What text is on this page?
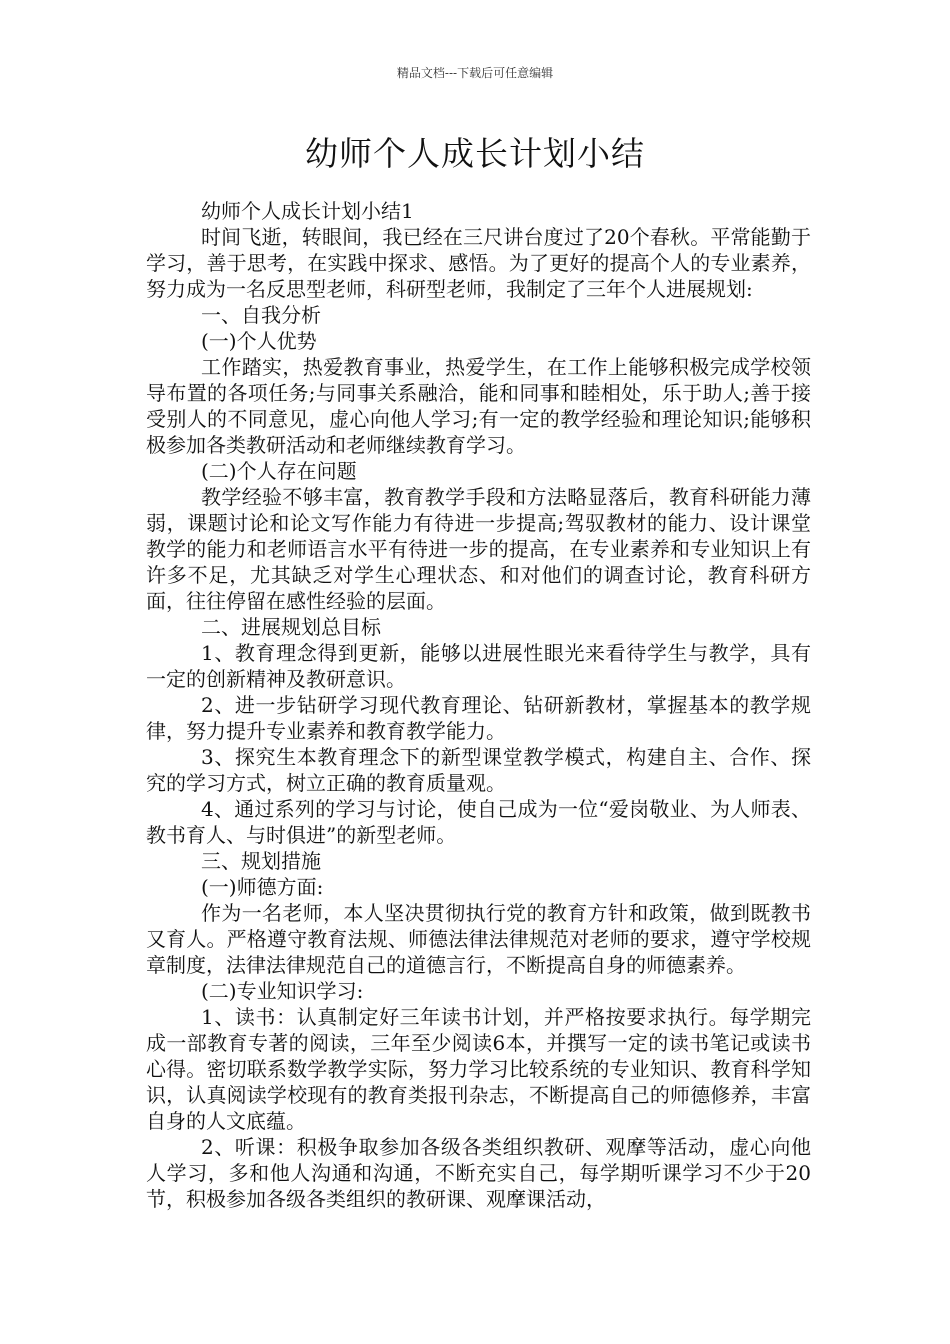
精品文档---下载后可任意编辑
幼师个人成长计划小结

幼师个人成长计划小结1

时间飞逝，转眼间，我已经在三尺讲台度过了20个春秋。平常能勤于学习，善于思考，在实践中探求、感悟。为了更好的提高个人的专业素养，努力成为一名反思型老师，科研型老师，我制定了三年个人进展规划:

一、自我分析

(一)个人优势

工作踏实，热爱教育事业，热爱学生，在工作上能够积极完成学校领导布置的各项任务;与同事关系融洽，能和同事和睦相处，乐于助人;善于接受别人的不同意见，虚心向他人学习;有一定的教学经验和理论知识;能够积极参加各类教研活动和老师继续教育学习。

(二)个人存在问题

教学经验不够丰富，教育教学手段和方法略显落后，教育科研能力薄弱，课题讨论和论文写作能力有待进一步提高;驾驭教材的能力、设计课堂教学的能力和老师语言水平有待进一步的提高，在专业素养和专业知识上有许多不足，尤其缺乏对学生心理状态、和对他们的调查讨论，教育科研方面，往往停留在感性经验的层面。

二、进展规划总目标

1、教育理念得到更新，能够以进展性眼光来看待学生与教学，具有一定的创新精神及教研意识。

2、进一步钻研学习现代教育理论、钻研新教材，掌握基本的教学规律，努力提升专业素养和教育教学能力。

3、探究生本教育理念下的新型课堂教学模式，构建自主、合作、探究的学习方式，树立正确的教育质量观。

4、通过系列的学习与讨论，使自己成为一位“爱岗敬业、为人师表、教书育人、与时俱进”的新型老师。

三、规划措施

(一)师德方面:

作为一名老师，本人坚决贯彻执行党的教育方针和政策，做到既教书又育人。严格遵守教育法规、师德法律法律规范对老师的要求，遵守学校规章制度，法律法律规范自己的道德言行，不断提高自身的师德素养。

(二)专业知识学习:

1、读书：认真制定好三年读书计划，并严格按要求执行。每学期完成一部教育专著的阅读，三年至少阅读6本，并撰写一定的读书笔记或读书心得。密切联系数学教学实际，努力学习比较系统的专业知识、教育科学知识，认真阅读学校现有的教育类报刊杂志，不断提高自己的师德修养，丰富自身的人文底蕴。

2、听课：积极争取参加各级各类组织教研、观摩等活动，虚心向他人学习，多和他人沟通和沟通，不断充实自己，每学期听课学习不少于20节，积极参加各级各类组织的教研课、观摩课活动，
